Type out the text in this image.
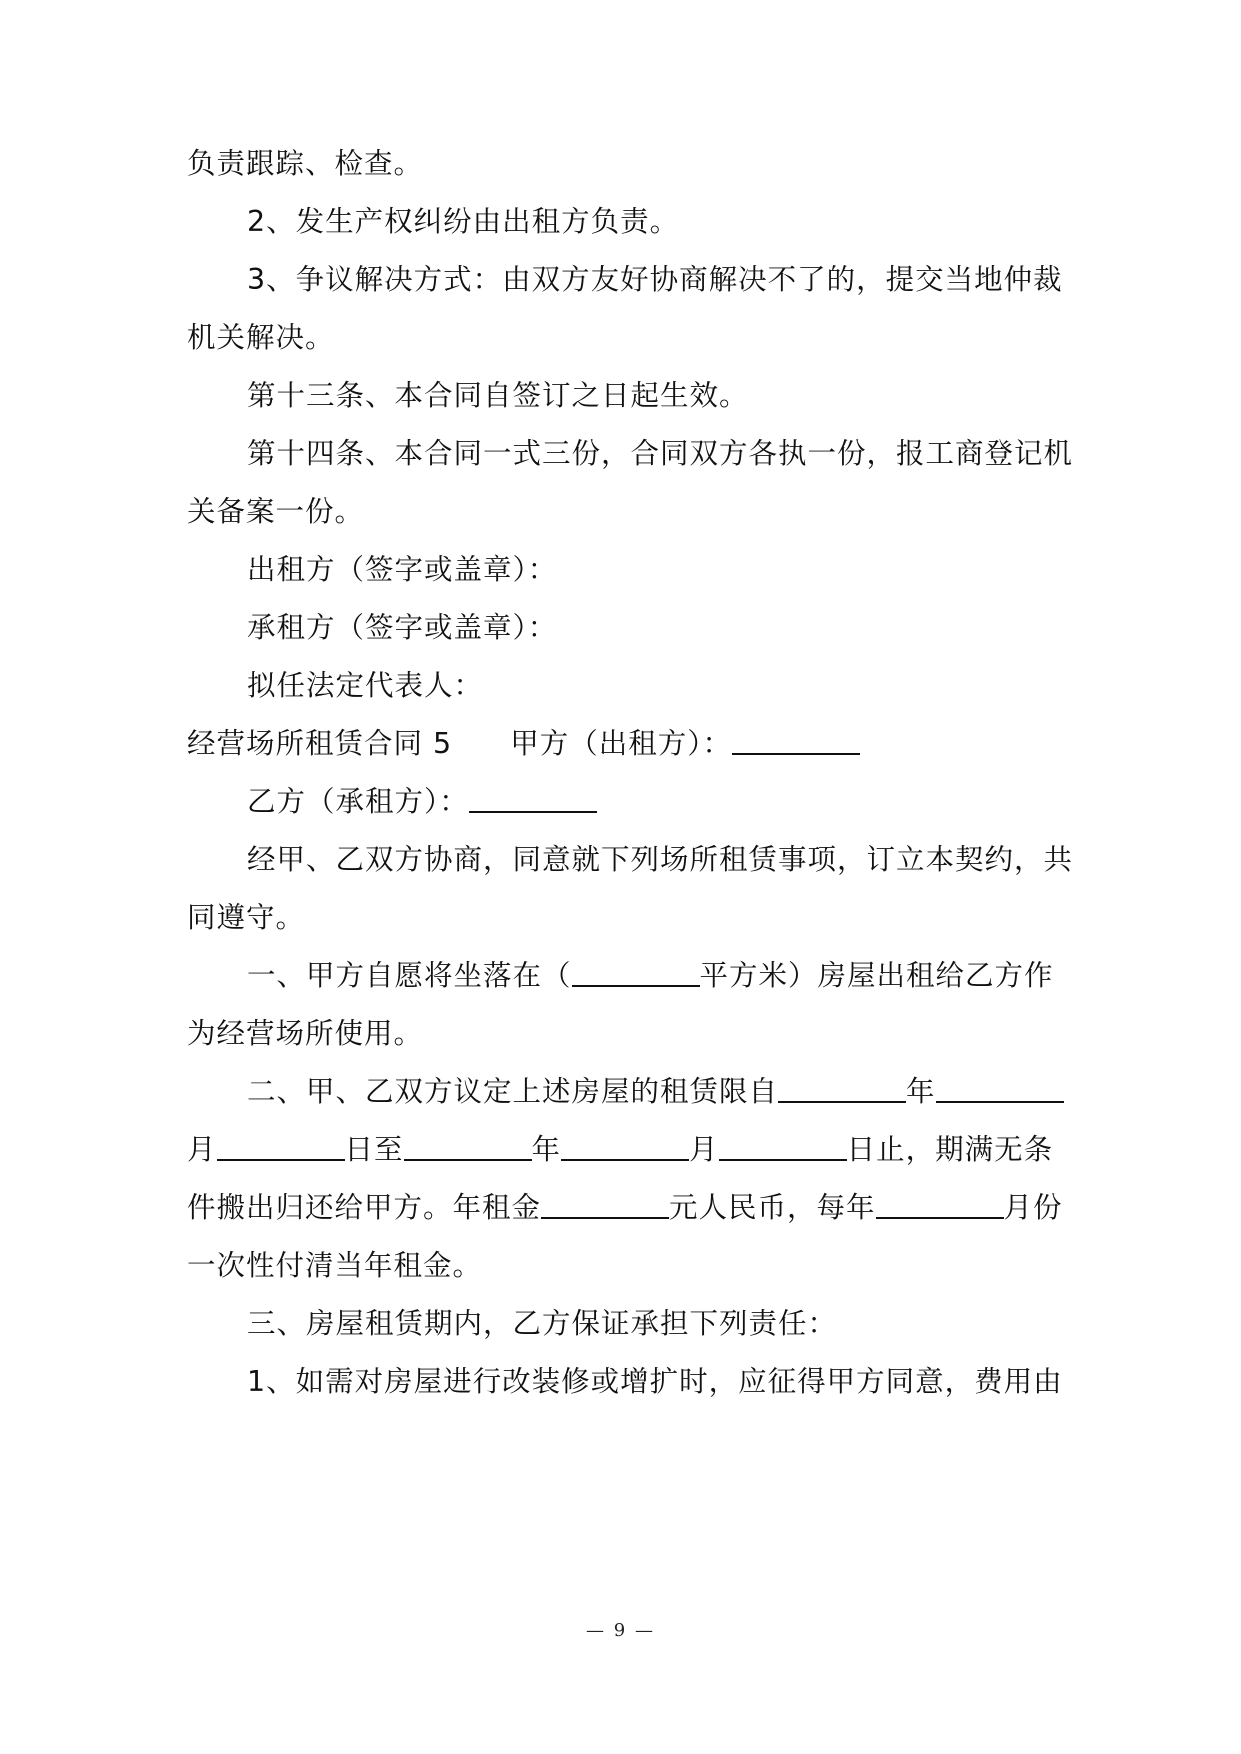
负责跟踪、检查。
2、发生产权纠纷由出租方负责。
3、争议解决方式：由双方友好协商解决不了的，提交当地仲裁
机关解决。
第十三条、本合同自签订之日起生效。
第十四条、本合同一式三份，合同双方各执一份，报工商登记机
关备案一份。
出租方（签字或盖章）：
承租方（签字或盖章）：
拟任法定代表人：
经营场所租赁合同 5 甲方（出租方）：
乙方（承租方）：
经甲、乙双方协商，同意就下列场所租赁事项，订立本契约，共
同遵守。
一、甲方自愿将坐落在（	平方米）房屋出租给乙方作
为经营场所使用。
二、甲、乙双方议定上述房屋的租赁限自	年
月	日至	年	月	日止，期满无条
件搬出归还给甲方。年租金	元人民币，每年	月份
一次性付清当年租金。
三、房屋租赁期内，乙方保证承担下列责任：
1、如需对房屋进行改装修或增扩时，应征得甲方同意，费用由
— 9 —
